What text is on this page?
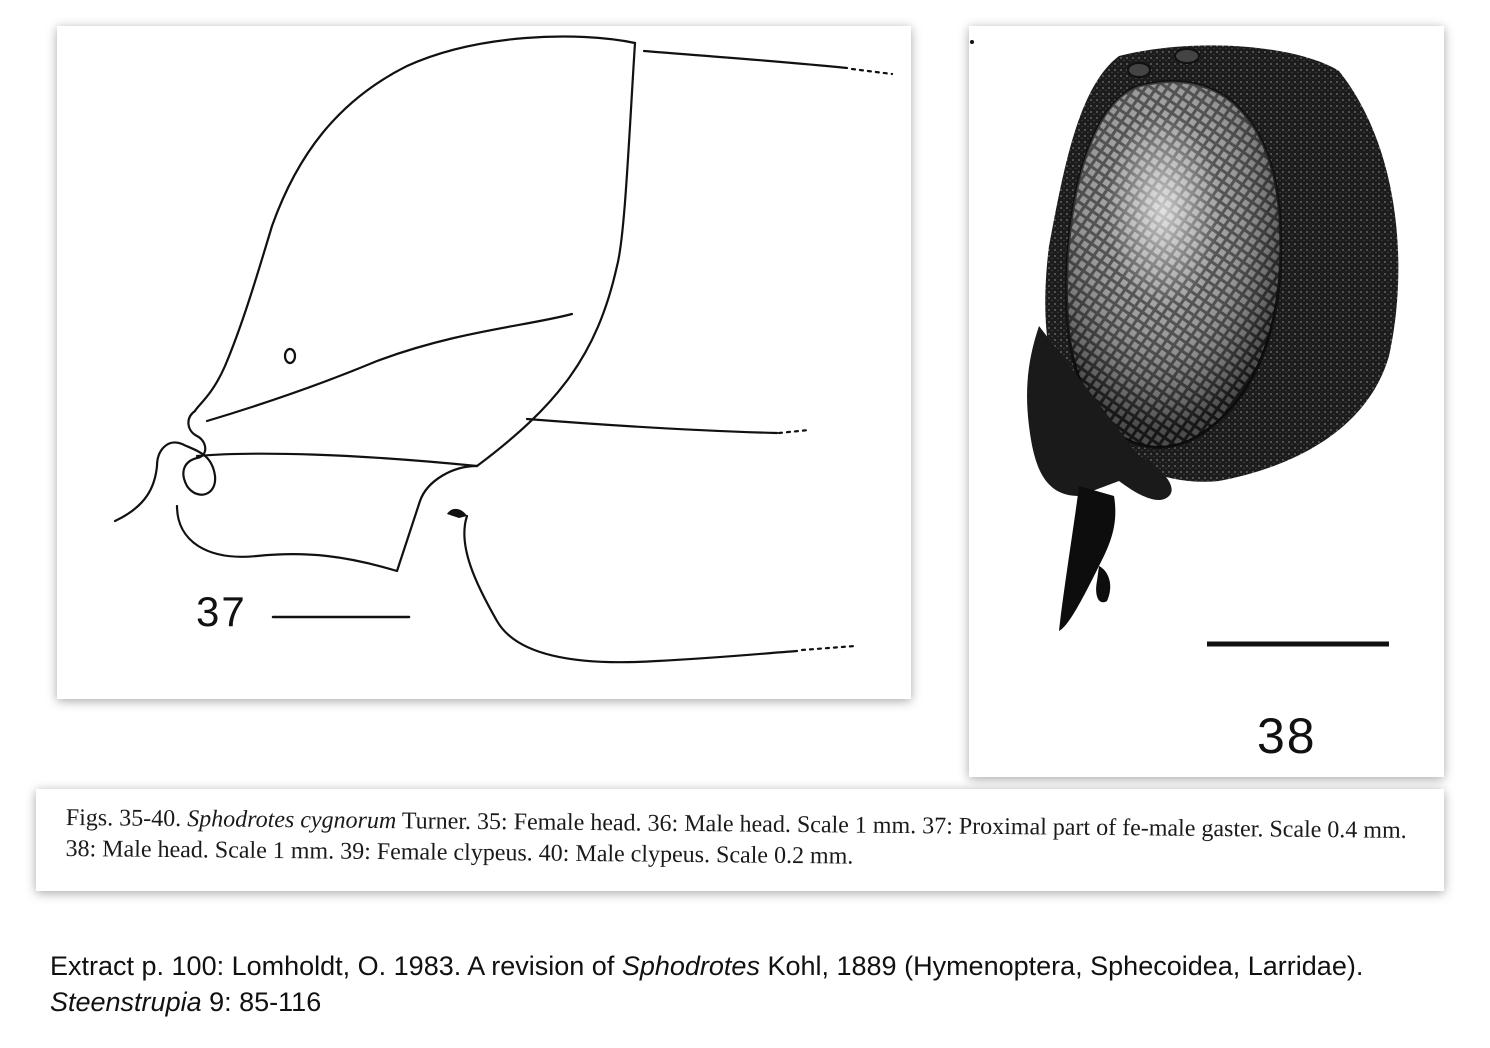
37
38
Figs. 35-40. Sphodrotes cygnorum Turner. 35: Female head. 36: Male head. Scale 1 mm. 37: Proximal part of fe-male gaster. Scale 0.4 mm. 38: Male head. Scale 1 mm. 39: Female clypeus. 40: Male clypeus. Scale 0.2 mm.
Extract p. 100: Lomholdt, O. 1983. A revision of Sphodrotes Kohl, 1889 (Hymenoptera, Sphecoidea, Larridae). Steenstrupia 9: 85-116
